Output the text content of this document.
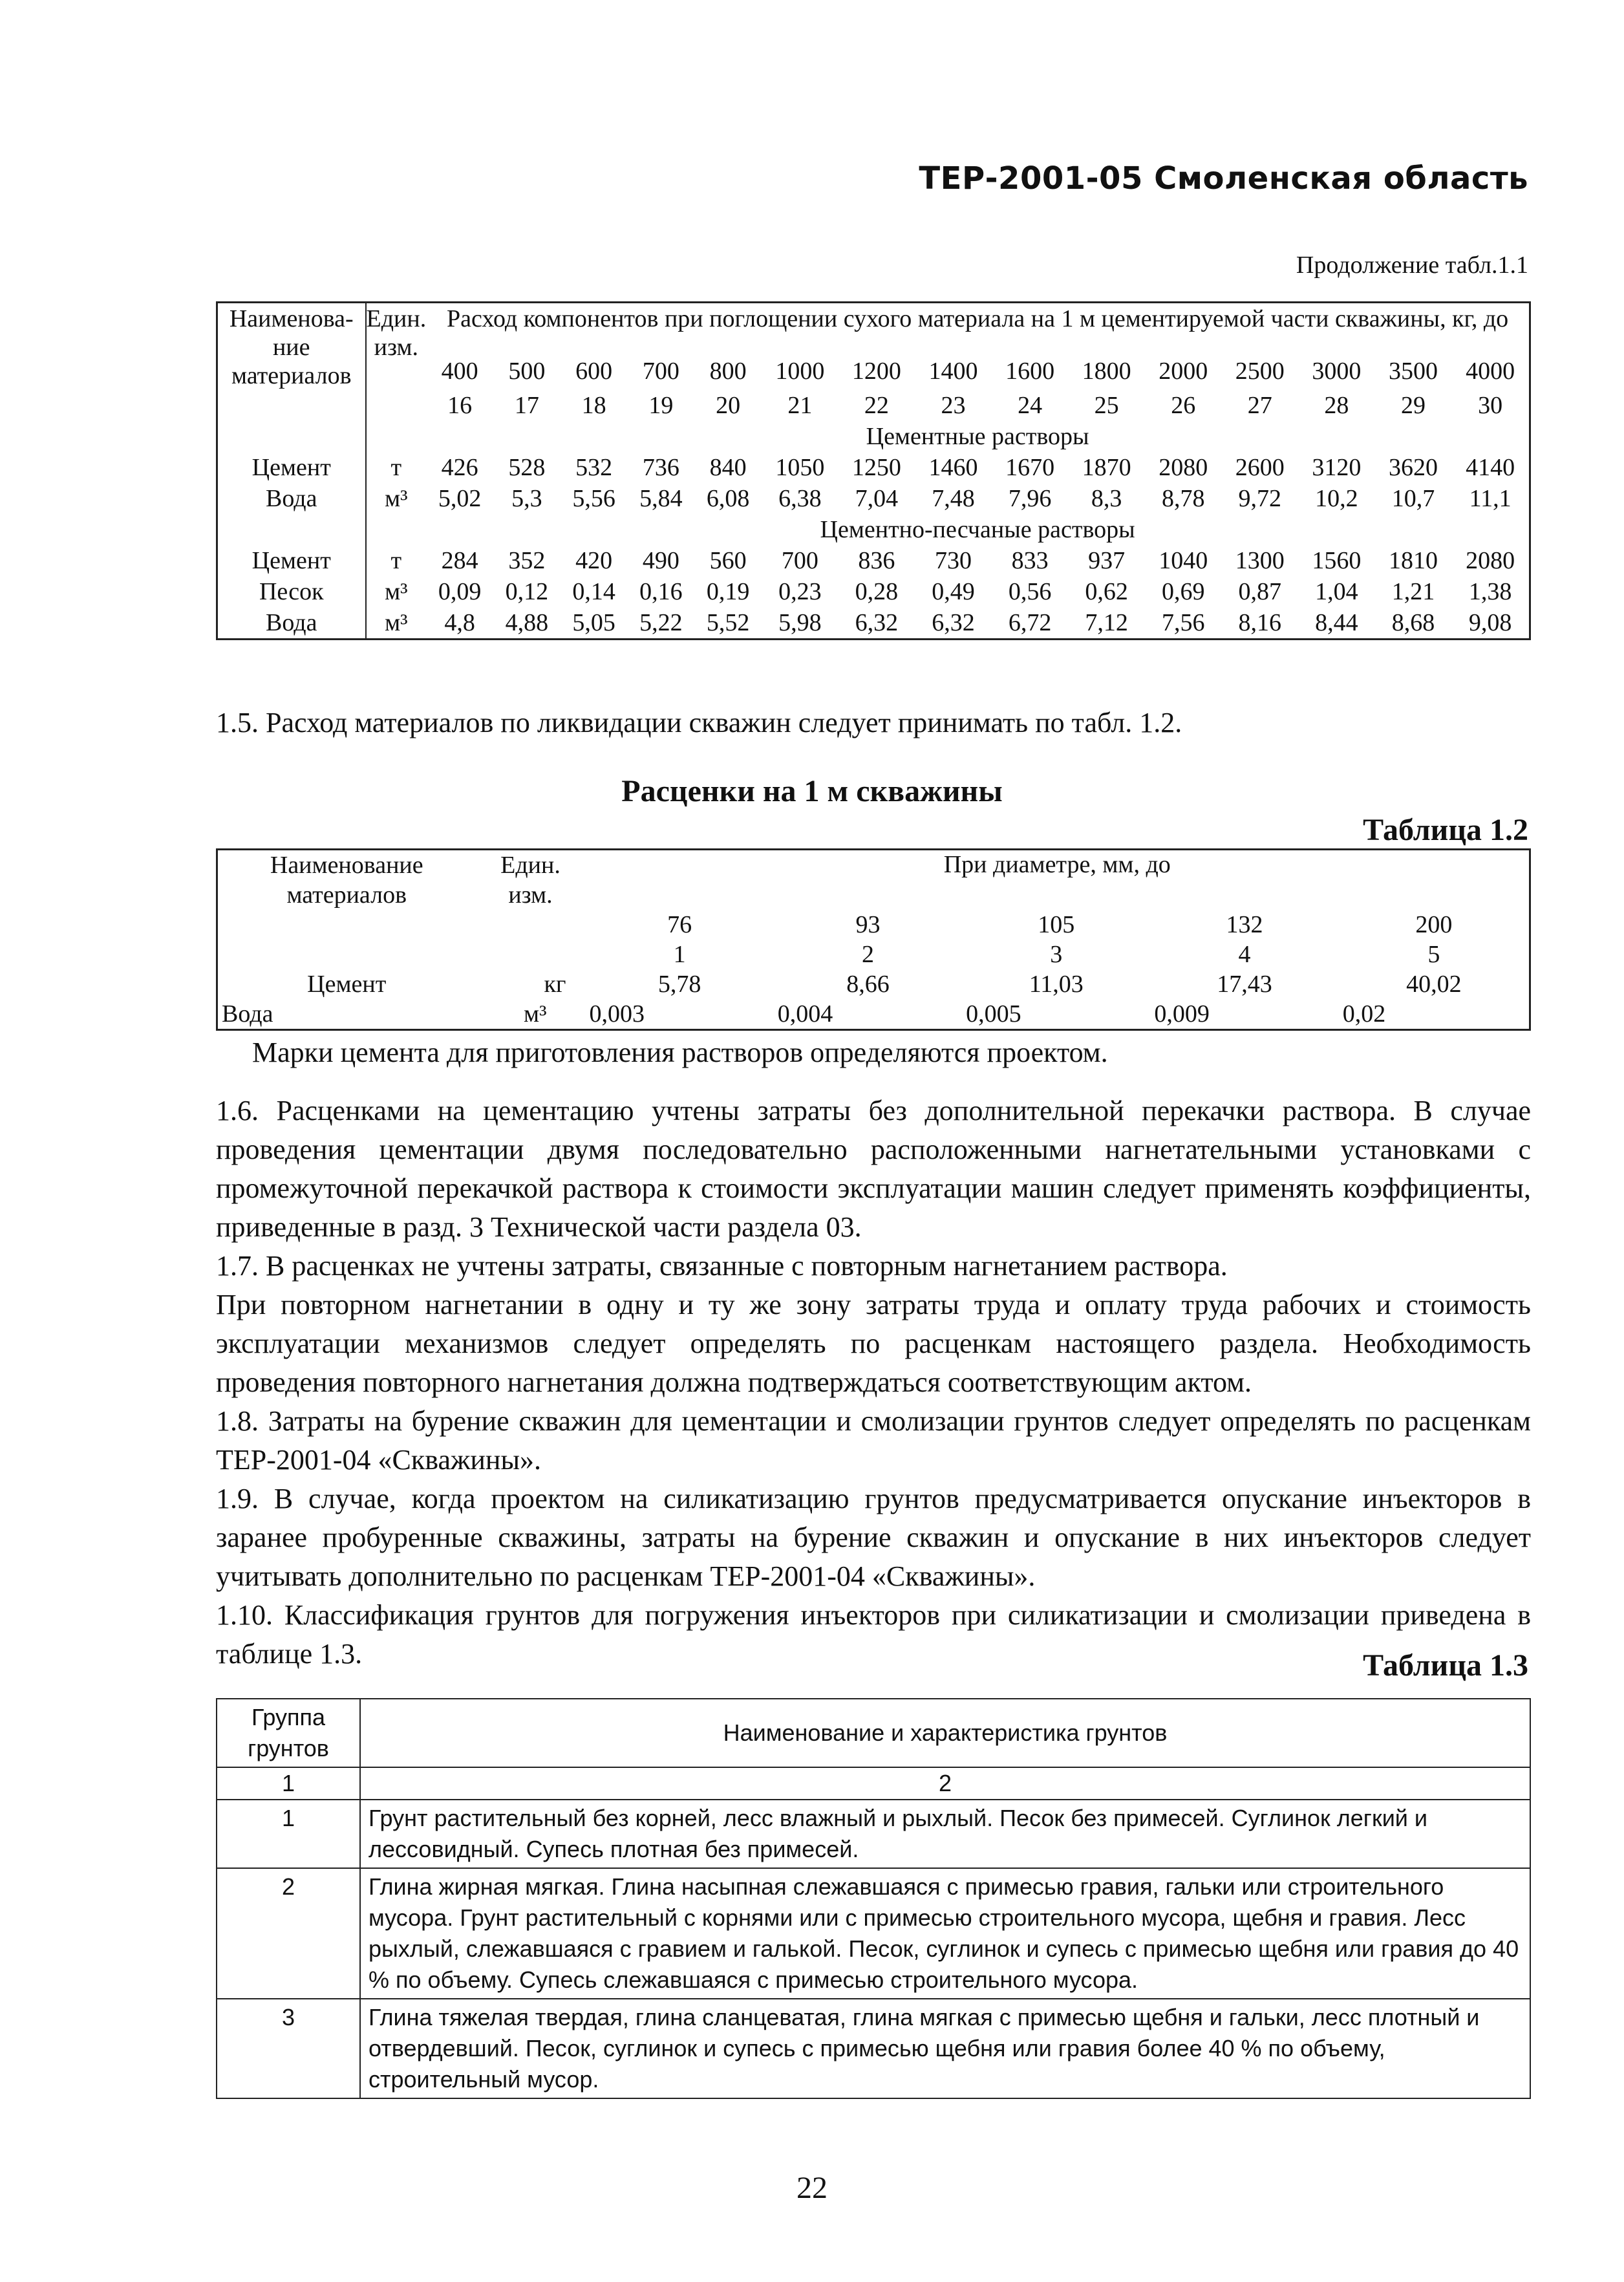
ТЕР-2001-05 Смоленская область
Продолжение табл.1.1
Наименова-ние материалов	Един. изм.	Расход компонентов при поглощении сухого материала на 1 м цементируемой части скважины, кг, до														

		400	500	600	700	800	1000	1200	1400	1600	1800	2000	2500	3000	3500	4000
		16	17	18	19	20	21	22	23	24	25	26	27	28	29	30
		Цементные растворы														
Цемент	т	426	528	532	736	840	1050	1250	1460	1670	1870	2080	2600	3120	3620	4140
Вода	м³	5,02	5,3	5,56	5,84	6,08	6,38	7,04	7,48	7,96	8,3	8,78	9,72	10,2	10,7	11,1
		Цементно-песчаные растворы														
Цемент	т	284	352	420	490	560	700	836	730	833	937	1040	1300	1560	1810	2080
Песок	м³	0,09	0,12	0,14	0,16	0,19	0,23	0,28	0,49	0,56	0,62	0,69	0,87	1,04	1,21	1,38
Вода	м³	4,8	4,88	5,05	5,22	5,52	5,98	6,32	6,32	6,72	7,12	7,56	8,16	8,44	8,68	9,08
1.5. Расход материалов по ликвидации скважин следует принимать по табл. 1.2.
Расценки на 1 м скважины
Таблица 1.2
Наименование материалов	Един. изм.	При диаметре, мм, до				

		76	93	105	132	200
		1	2	3	4	5
Цемент	кг	5,78	8,66	11,03	17,43	40,02
Вода	м³	0,003	0,004	0,005	0,009	0,02
Марки цемента для приготовления растворов определяются проектом.

1.6. Расценками на цементацию учтены затраты без дополнительной перекачки раствора. В случае проведения цементации двумя последовательно расположенными нагнетательными установками с промежуточной перекачкой раствора к стоимости эксплуатации машин следует применять коэффициенты, приведенные в разд. 3 Технической части раздела 03.

1.7. В расценках не учтены затраты, связанные с повторным нагнетанием раствора.

При повторном нагнетании в одну и ту же зону затраты труда и оплату труда рабочих и стоимость эксплуатации механизмов следует определять по расценкам настоящего раздела. Необходимость проведения повторного нагнетания должна подтверждаться соответствующим актом.

1.8. Затраты на бурение скважин для цементации и смолизации грунтов следует определять по расценкам ТЕР-2001-04 «Скважины».

1.9. В случае, когда проектом на силикатизацию грунтов предусматривается опускание инъекторов в заранее пробуренные скважины, затраты на бурение скважин и опускание в них инъекторов следует учитывать дополнительно по расценкам ТЕР-2001-04 «Скважины».

1.10. Классификация грунтов для погружения инъекторов при силикатизации и смолизации приведена в таблице 1.3.	Таблица 1.3
Группа грунтов	Наименование и характеристика грунтов
1	2
1	Грунт растительный без корней, лесс влажный и рыхлый. Песок без примесей. Суглинок легкий и лессовидный. Супесь плотная без примесей.
2	Глина жирная мягкая. Глина насыпная слежавшаяся с примесью гравия, гальки или строительного мусора. Грунт растительный с корнями или с примесью строительного мусора, щебня и гравия. Лесс рыхлый, слежавшаяся с гравием и галькой. Песок, суглинок и супесь с примесью щебня или гравия до 40 % по объему. Супесь слежавшаяся с примесью строительного мусора.
3	Глина тяжелая твердая, глина сланцеватая, глина мягкая с примесью щебня и гальки, лесс плотный и отвердевший. Песок, суглинок и супесь с примесью щебня или гравия более 40 % по объему, строительный мусор.
22
